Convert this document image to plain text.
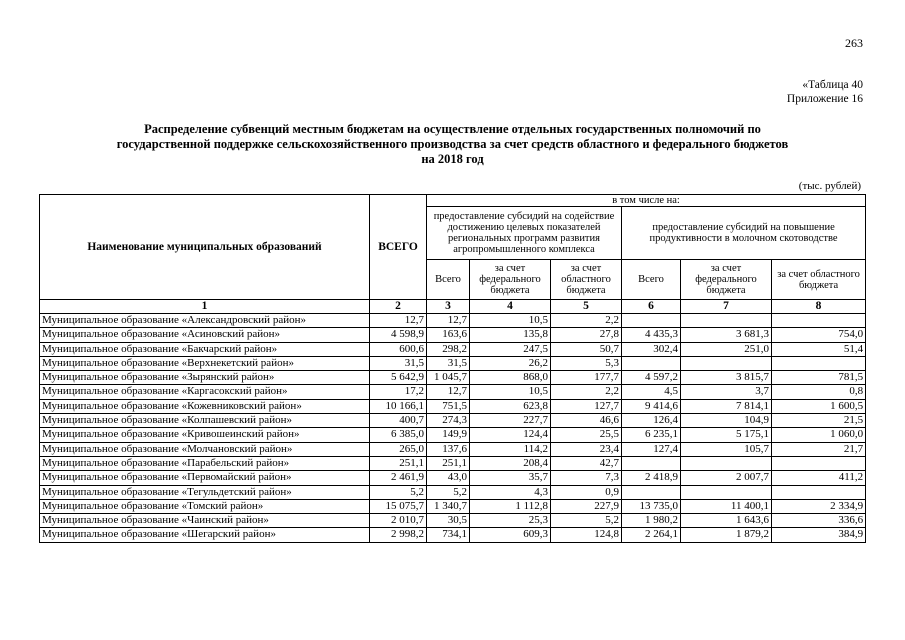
263
«Таблица 40
Приложение 16
Распределение субвенций местным бюджетам на осуществление отдельных государственных полномочий по
государственной поддержке сельскохозяйственного производства за счет средств областного и федерального бюджетов
на 2018 год
(тыс. рублей)
Наименование муниципальных образований	ВСЕГО	в том числе на:					
		предоставление субсидий на содействие достижению целевых показателей региональных программ развития агропромышленного комплекса			предоставление субсидий на повышение продуктивности в молочном скотоводстве		
		Всего	за счет федерального бюджета	за счет областного бюджета	Всего	за счет федерального бюджета	за счет областного бюджета
1	2	3	4	5	6	7	8
Муниципальное образование «Александровский район»	12,7	12,7	10,5	2,2			
Муниципальное образование «Асиновский район»	4 598,9	163,6	135,8	27,8	4 435,3	3 681,3	754,0
Муниципальное образование «Бакчарский район»	600,6	298,2	247,5	50,7	302,4	251,0	51,4
Муниципальное образование «Верхнекетский район»	31,5	31,5	26,2	5,3			
Муниципальное образование «Зырянский район»	5 642,9	1 045,7	868,0	177,7	4 597,2	3 815,7	781,5
Муниципальное образование «Каргасокский район»	17,2	12,7	10,5	2,2	4,5	3,7	0,8
Муниципальное образование «Кожевниковский район»	10 166,1	751,5	623,8	127,7	9 414,6	7 814,1	1 600,5
Муниципальное образование «Колпашевский район»	400,7	274,3	227,7	46,6	126,4	104,9	21,5
Муниципальное образование «Кривошеинский район»	6 385,0	149,9	124,4	25,5	6 235,1	5 175,1	1 060,0
Муниципальное образование «Молчановский район»	265,0	137,6	114,2	23,4	127,4	105,7	21,7
Муниципальное образование «Парабельский район»	251,1	251,1	208,4	42,7			
Муниципальное образование «Первомайский район»	2 461,9	43,0	35,7	7,3	2 418,9	2 007,7	411,2
Муниципальное образование «Тегульдетский район»	5,2	5,2	4,3	0,9			
Муниципальное образование «Томский район»	15 075,7	1 340,7	1 112,8	227,9	13 735,0	11 400,1	2 334,9
Муниципальное образование «Чаинский район»	2 010,7	30,5	25,3	5,2	1 980,2	1 643,6	336,6
Муниципальное образование «Шегарский район»	2 998,2	734,1	609,3	124,8	2 264,1	1 879,2	384,9
